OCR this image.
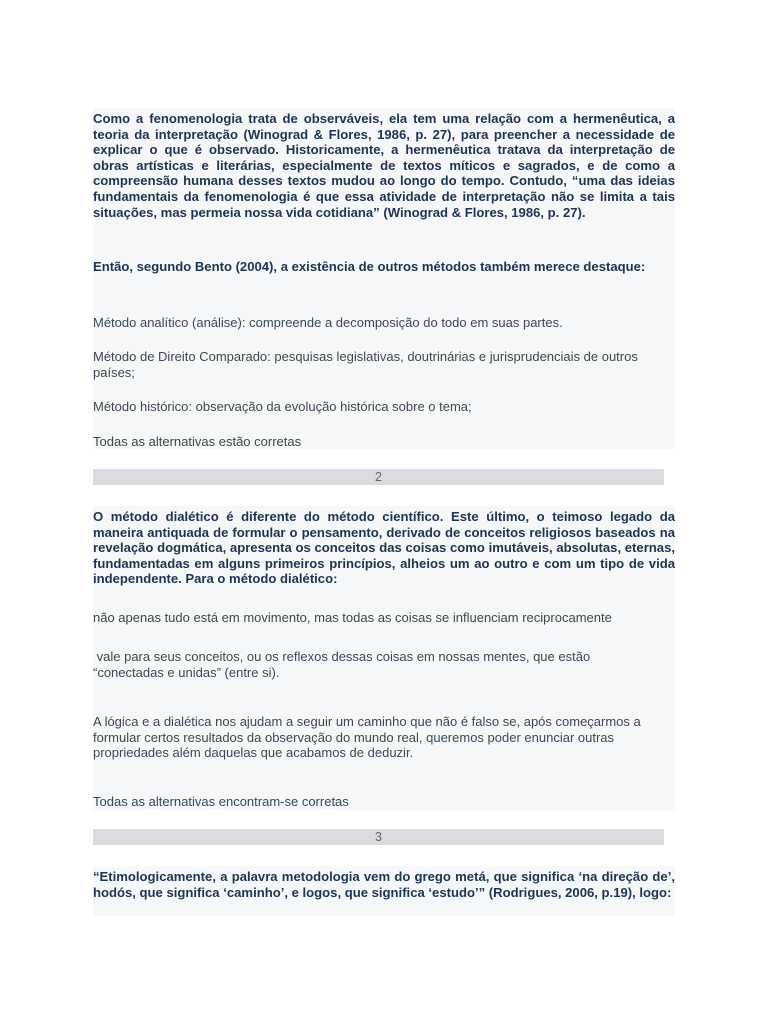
Como a fenomenologia trata de observáveis, ela tem uma relação com a hermenêutica, a teoria da interpretação (Winograd & Flores, 1986, p. 27), para preencher a necessidade de explicar o que é observado. Historicamente, a hermenêutica tratava da interpretação de obras artísticas e literárias, especialmente de textos míticos e sagrados, e de como a compreensão humana desses textos mudou ao longo do tempo. Contudo, “uma das ideias fundamentais da fenomenologia é que essa atividade de interpretação não se limita a tais situações, mas permeia nossa vida cotidiana” (Winograd & Flores, 1986, p. 27).

Então, segundo Bento (2004), a existência de outros métodos também merece destaque:

Método analítico (análise): compreende a decomposição do todo em suas partes.

Método de Direito Comparado: pesquisas legislativas, doutrinárias e jurisprudenciais de outros países;

Método histórico: observação da evolução histórica sobre o tema;

Todas as alternativas estão corretas

2

O método dialético é diferente do método científico. Este último, o teimoso legado da maneira antiquada de formular o pensamento, derivado de conceitos religiosos baseados na revelação dogmática, apresenta os conceitos das coisas como imutáveis, absolutas, eternas, fundamentadas em alguns primeiros princípios, alheios um ao outro e com um tipo de vida independente. Para o método dialético:

não apenas tudo está em movimento, mas todas as coisas se influenciam reciprocamente

vale para seus conceitos, ou os reflexos dessas coisas em nossas mentes, que estão “conectadas e unidas” (entre si).

A lógica e a dialética nos ajudam a seguir um caminho que não é falso se, após começarmos a formular certos resultados da observação do mundo real, queremos poder enunciar outras propriedades além daquelas que acabamos de deduzir.

Todas as alternativas encontram-se corretas

3

“Etimologicamente, a palavra metodologia vem do grego metá, que significa ‘na direção de’, hodós, que significa ‘caminho’, e logos, que significa ‘estudo’” (Rodrigues, 2006, p.19), logo:
